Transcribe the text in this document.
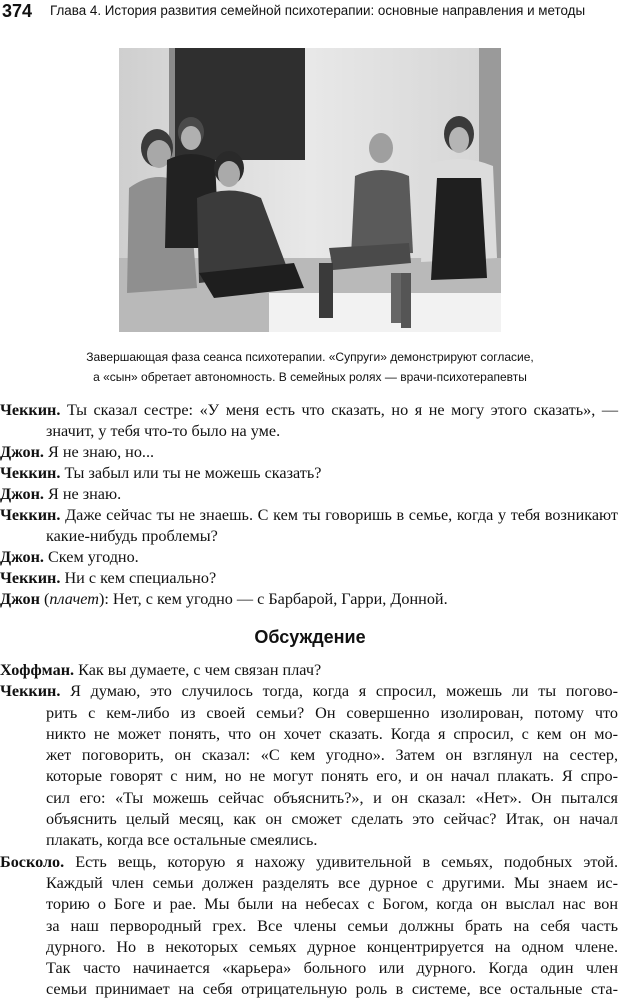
374 Глава 4. История развития семейной психотерапии: основные направления и методы
Завершающая фаза сеанса психотерапии. «Супруги» демонстрируют согласие,
а «сын» обретает автономность. В семейных ролях — врачи-психотерапевты

Чеккин. Ты сказал сестре: «У меня есть что сказать, но я не могу этого сказать», — значит, у тебя что-то было на уме.

Джон. Я не знаю, но...

Чеккин. Ты забыл или ты не можешь сказать?

Джон. Я не знаю.

Чеккин. Даже сейчас ты не знаешь. С кем ты говоришь в семье, когда у тебя возникают какие-нибудь проблемы?

Джон. Скем угодно.

Чеккин. Ни с кем специально?

Джон (плачет): Нет, с кем угодно — с Барбарой, Гарри, Донной.

Обсуждение

Хоффман. Как вы думаете, с чем связан плач?

Чеккин. Я думаю, это случилось тогда, когда я спросил, можешь ли ты погово-
рить с кем-либо из своей семьи? Он совершенно изолирован, потому что
никто не может понять, что он хочет сказать. Когда я спросил, с кем он мо-
жет поговорить, он сказал: «С кем угодно». Затем он взглянул на сестер,
которые говорят с ним, но не могут понять его, и он начал плакать. Я спро-
сил его: «Ты можешь сейчас объяснить?», и он сказал: «Нет». Он пытался
объяснить целый месяц, как он сможет сделать это сейчас? Итак, он начал
плакать, когда все остальные смеялись.

Босколо. Есть вещь, которую я нахожу удивительной в семьях, подобных этой.
Каждый член семьи должен разделять все дурное с другими. Мы знаем ис-
торию о Боге и рае. Мы были на небесах с Богом, когда он выслал нас вон
за наш первородный грех. Все члены семьи должны брать на себя часть
дурного. Но в некоторых семьях дурное концентрируется на одном члене.
Так часто начинается «карьера» больного или дурного. Когда один член
семьи принимает на себя отрицательную роль в системе, все остальные ста-
